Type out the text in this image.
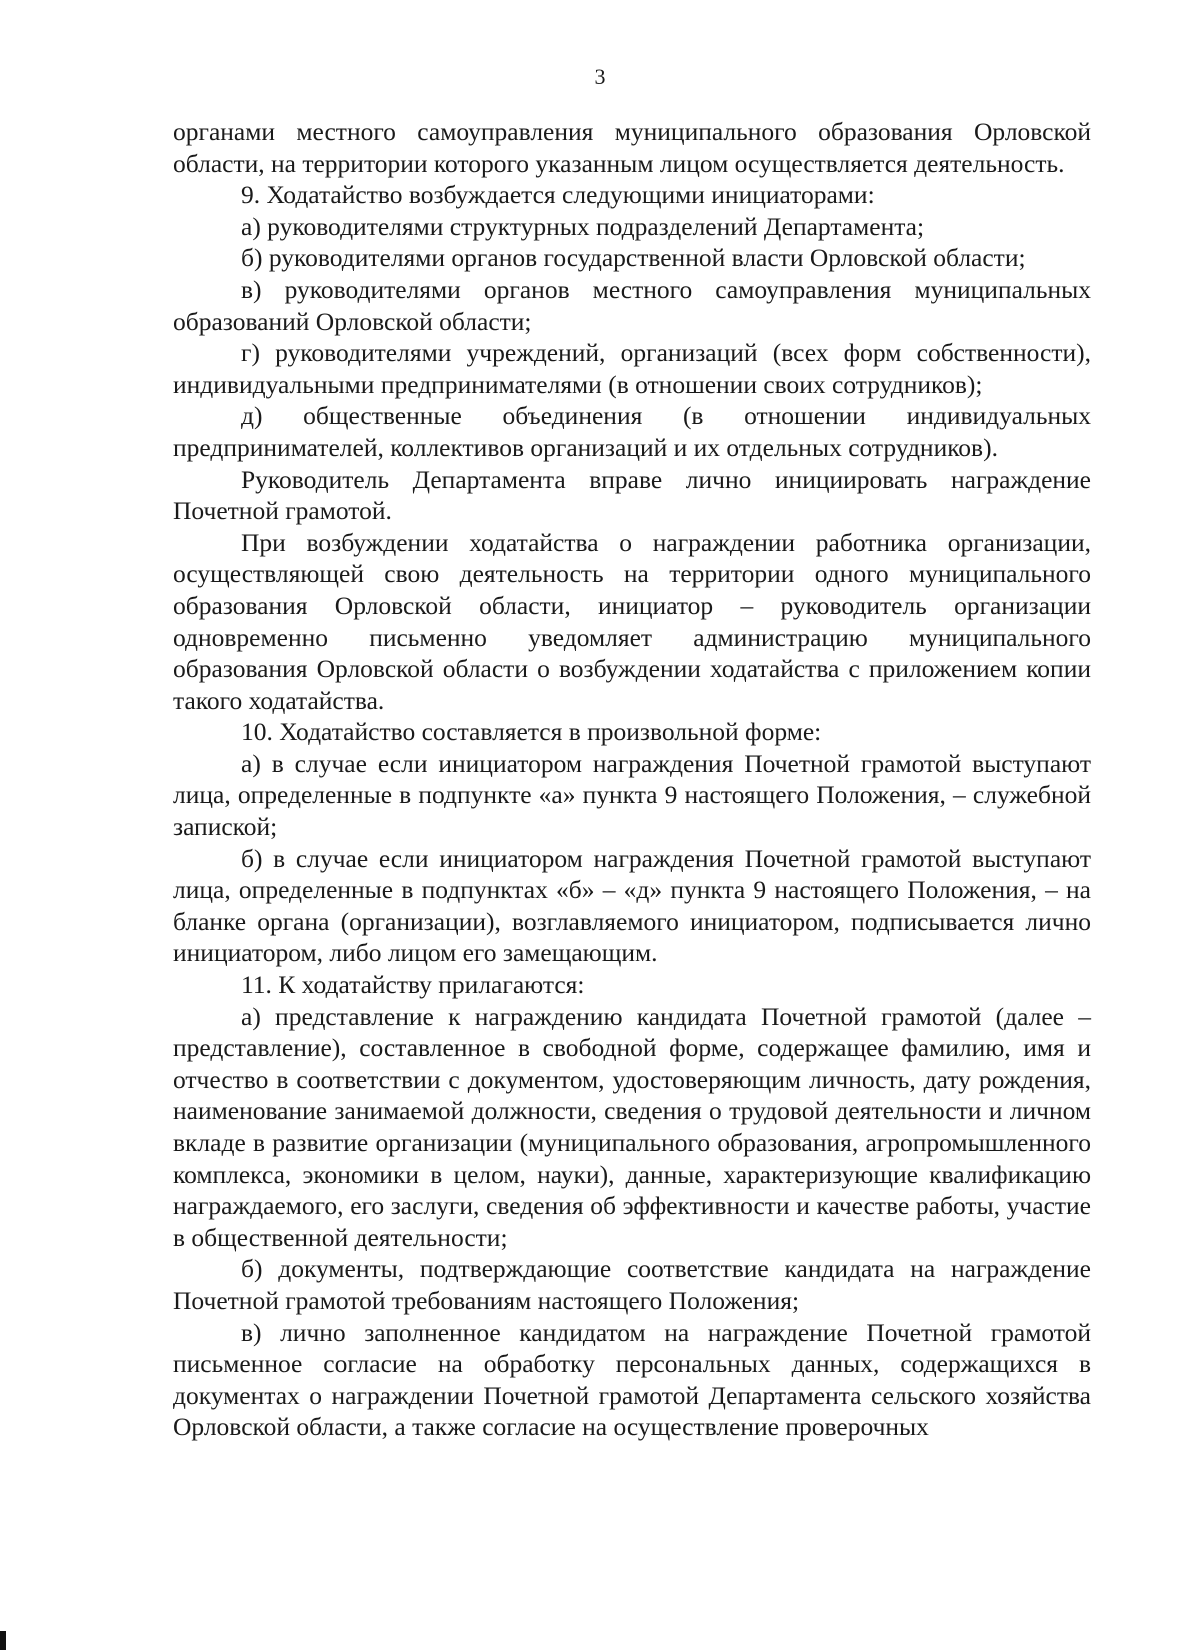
3

органами местного самоуправления муниципального образования Орловской области, на территории которого указанным лицом осуществляется деятельность.

9. Ходатайство возбуждается следующими инициаторами:

а) руководителями структурных подразделений Департамента;

б) руководителями органов государственной власти Орловской области;

в) руководителями органов местного самоуправления муниципальных образований Орловской области;

г) руководителями учреждений, организаций (всех форм собственности), индивидуальными предпринимателями (в отношении своих сотрудников);

д) общественные объединения (в отношении индивидуальных предпринимателей, коллективов организаций и их отдельных сотрудников).

Руководитель Департамента вправе лично инициировать награждение Почетной грамотой.

При возбуждении ходатайства о награждении работника организации, осуществляющей свою деятельность на территории одного муниципального образования Орловской области, инициатор – руководитель организации одновременно письменно уведомляет администрацию муниципального образования Орловской области о возбуждении ходатайства с приложением копии такого ходатайства.

10. Ходатайство составляется в произвольной форме:

а) в случае если инициатором награждения Почетной грамотой выступают лица, определенные в подпункте «а» пункта 9 настоящего Положения, – служебной запиской;

б) в случае если инициатором награждения Почетной грамотой выступают лица, определенные в подпунктах «б» – «д» пункта 9 настоящего Положения, – на бланке органа (организации), возглавляемого инициатором, подписывается лично инициатором, либо лицом его замещающим.

11. К ходатайству прилагаются:

а) представление к награждению кандидата Почетной грамотой (далее – представление), составленное в свободной форме, содержащее фамилию, имя и отчество в соответствии с документом, удостоверяющим личность, дату рождения, наименование занимаемой должности, сведения о трудовой деятельности и личном вкладе в развитие организации (муниципального образования, агропромышленного комплекса, экономики в целом, науки), данные, характеризующие квалификацию награждаемого, его заслуги, сведения об эффективности и качестве работы, участие в общественной деятельности;

б) документы, подтверждающие соответствие кандидата на награждение Почетной грамотой требованиям настоящего Положения;

в) лично заполненное кандидатом на награждение Почетной грамотой письменное согласие на обработку персональных данных, содержащихся в документах о награждении Почетной грамотой Департамента сельского хозяйства Орловской области, а также согласие на осуществление проверочных
